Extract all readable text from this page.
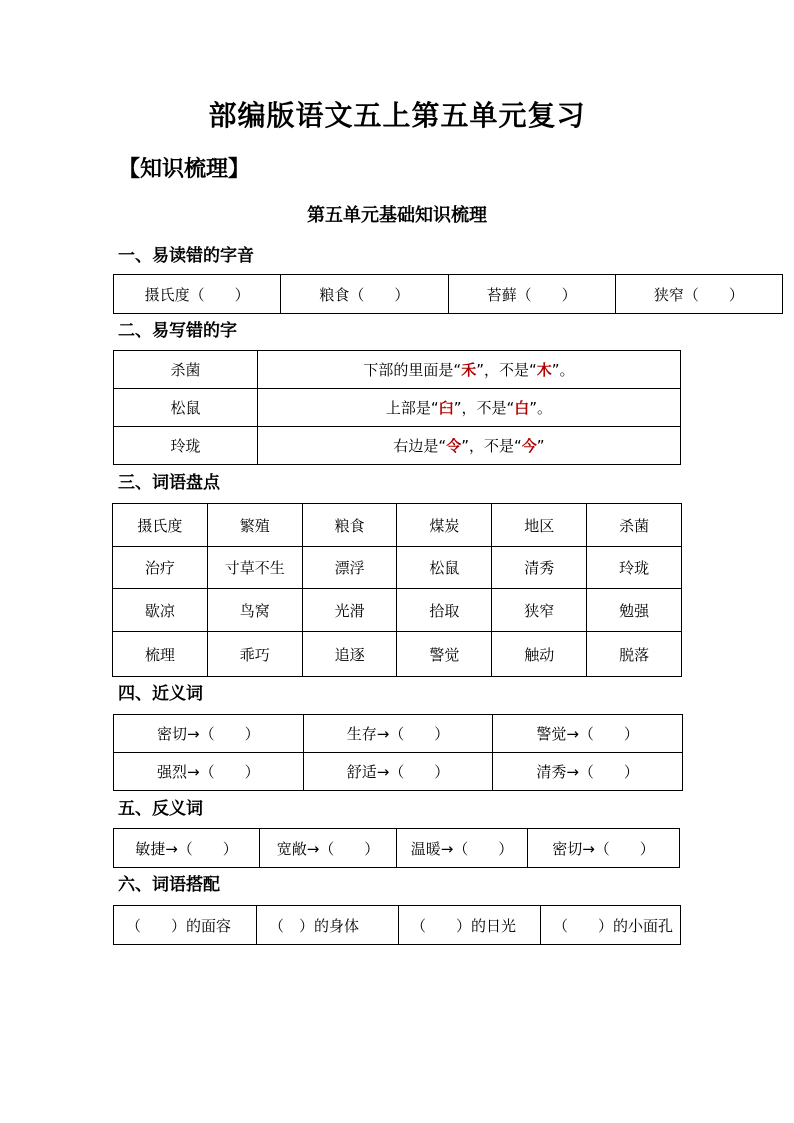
部编版语文五上第五单元复习
【知识梳理】
第五单元基础知识梳理
一、易读错的字音
摄氏度（　　）	粮食（　　）	苔藓（　　）	狭窄（　　）
二、易写错的字
杀菌	下部的里面是“禾”，不是“木”。
松鼠	上部是“臼”，不是“白”。
玲珑	右边是“令”，不是“今”
三、词语盘点
摄氏度	繁殖	粮食	煤炭	地区	杀菌
治疗	寸草不生	漂浮	松鼠	清秀	玲珑
歇凉	鸟窝	光滑	拾取	狭窄	勉强
梳理	乖巧	追逐	警觉	触动	脱落
四、近义词
密切→（　　）	生存→（　　）	警觉→（　　）
强烈→（　　）	舒适→（　　）	清秀→（　　）
五、反义词
敏捷→（　　）	宽敞→（　　）	温暖→（　　）	密切→（　　）
六、词语搭配
（　　）的面容	（　）的身体	（　　）的日光	（　　）的小面孔
